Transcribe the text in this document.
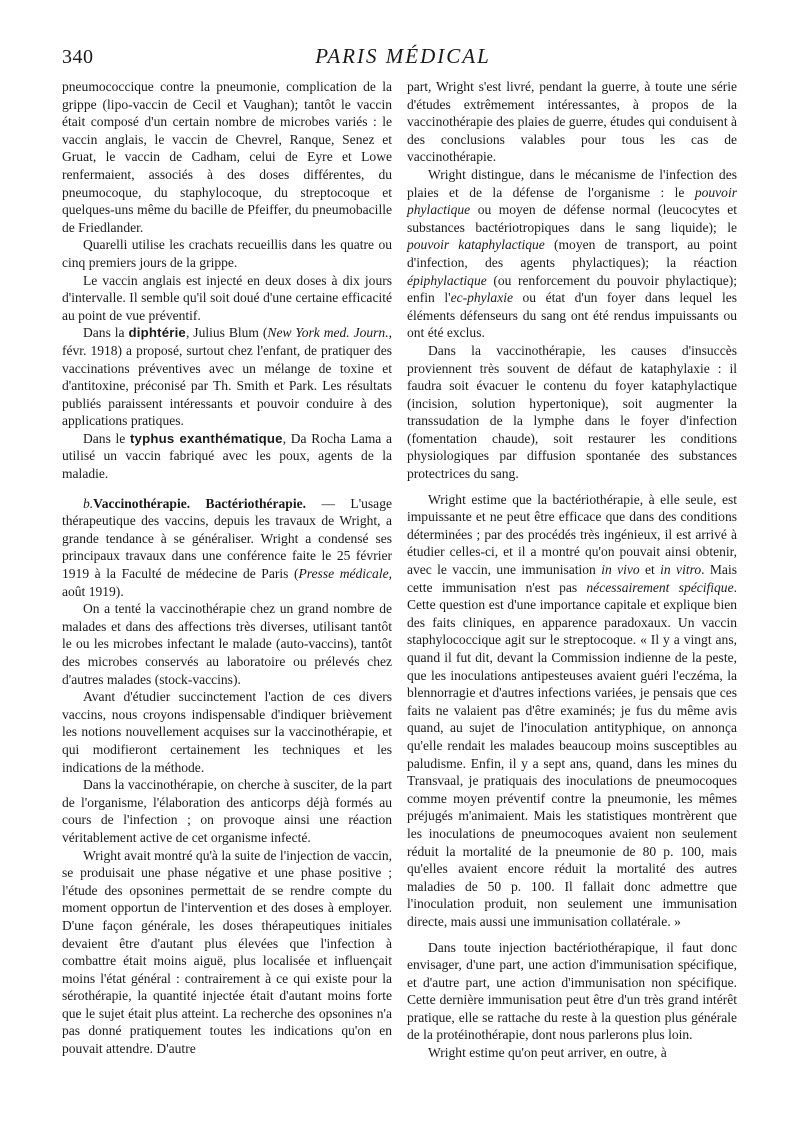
340	PARIS MÉDICAL

pneumococcique contre la pneumonie, complication de la grippe (lipo-vaccin de Cecil et Vaughan); tantôt le vaccin était composé d'un certain nombre de microbes variés : le vaccin anglais, le vaccin de Chevrel, Ranque, Senez et Gruat, le vaccin de Cadham, celui de Eyre et Lowe renfermaient, associés à des doses différentes, du pneumocoque, du staphylocoque, du streptocoque et quelques-uns même du bacille de Pfeiffer, du pneumobacille de Friedlander.

Quarelli utilise les crachats recueillis dans les quatre ou cinq premiers jours de la grippe.

Le vaccin anglais est injecté en deux doses à dix jours d'intervalle. Il semble qu'il soit doué d'une certaine efficacité au point de vue préventif.

Dans la diphtérie, Julius Blum (New York med. Journ., févr. 1918) a proposé, surtout chez l'enfant, de pratiquer des vaccinations préventives avec un mélange de toxine et d'antitoxine, préconisé par Th. Smith et Park. Les résultats publiés paraissent intéressants et pouvoir conduire à des applications pratiques.

Dans le typhus exanthématique, Da Rocha Lama a utilisé un vaccin fabriqué avec les poux, agents de la maladie.

b.Vaccinothérapie. Bactériothérapie. — L'usage thérapeutique des vaccins, depuis les travaux de Wright, a grande tendance à se généraliser. Wright a condensé ses principaux travaux dans une conférence faite le 25 février 1919 à la Faculté de médecine de Paris (Presse médicale, août 1919).

On a tenté la vaccinothérapie chez un grand nombre de malades et dans des affections très diverses, utilisant tantôt le ou les microbes infectant le malade (auto-vaccins), tantôt des microbes conservés au laboratoire ou prélevés chez d'autres malades (stock-vaccins).

Avant d'étudier succinctement l'action de ces divers vaccins, nous croyons indispensable d'indiquer brièvement les notions nouvellement acquises sur la vaccinothérapie, et qui modifieront certainement les techniques et les indications de la méthode.

Dans la vaccinothérapie, on cherche à susciter, de la part de l'organisme, l'élaboration des anticorps déjà formés au cours de l'infection ; on provoque ainsi une réaction véritablement active de cet organisme infecté.

Wright avait montré qu'à la suite de l'injection de vaccin, se produisait une phase négative et une phase positive ; l'étude des opsonines permettait de se rendre compte du moment opportun de l'intervention et des doses à employer. D'une façon générale, les doses thérapeutiques initiales devaient être d'autant plus élevées que l'infection à combattre était moins aiguë, plus localisée et influençait moins l'état général : contrairement à ce qui existe pour la sérothérapie, la quantité injectée était d'autant moins forte que le sujet était plus atteint. La recherche des opsonines n'a pas donné pratiquement toutes les indications qu'on en pouvait attendre. D'autre

part, Wright s'est livré, pendant la guerre, à toute une série d'études extrêmement intéressantes, à propos de la vaccinothérapie des plaies de guerre, études qui conduisent à des conclusions valables pour tous les cas de vaccinothérapie.

Wright distingue, dans le mécanisme de l'infection des plaies et de la défense de l'organisme : le pouvoir phylactique ou moyen de défense normal (leucocytes et substances bactériotropiques dans le sang liquide); le pouvoir kataphylactique (moyen de transport, au point d'infection, des agents phylactiques); la réaction épiphylactique (ou renforcement du pouvoir phylactique); enfin l'ec-phylaxie ou état d'un foyer dans lequel les éléments défenseurs du sang ont été rendus impuissants ou ont été exclus.

Dans la vaccinothérapie, les causes d'insuccès proviennent très souvent de défaut de kataphylaxie : il faudra soit évacuer le contenu du foyer kataphylactique (incision, solution hypertonique), soit augmenter la transsudation de la lymphe dans le foyer d'infection (fomentation chaude), soit restaurer les conditions physiologiques par diffusion spontanée des substances protectrices du sang.

Wright estime que la bactériothérapie, à elle seule, est impuissante et ne peut être efficace que dans des conditions déterminées ; par des procédés très ingénieux, il est arrivé à étudier celles-ci, et il a montré qu'on pouvait ainsi obtenir, avec le vaccin, une immunisation in vivo et in vitro. Mais cette immunisation n'est pas nécessairement spécifique. Cette question est d'une importance capitale et explique bien des faits cliniques, en apparence paradoxaux. Un vaccin staphylococcique agit sur le streptocoque. « Il y a vingt ans, quand il fut dit, devant la Commission indienne de la peste, que les inoculations antipesteuses avaient guéri l'eczéma, la blennorragie et d'autres infections variées, je pensais que ces faits ne valaient pas d'être examinés; je fus du même avis quand, au sujet de l'inoculation antityphique, on annonça qu'elle rendait les malades beaucoup moins susceptibles au paludisme. Enfin, il y a sept ans, quand, dans les mines du Transvaal, je pratiquais des inoculations de pneumocoques comme moyen préventif contre la pneumonie, les mêmes préjugés m'animaient. Mais les statistiques montrèrent que les inoculations de pneumocoques avaient non seulement réduit la mortalité de la pneumonie de 80 p. 100, mais qu'elles avaient encore réduit la mortalité des autres maladies de 50 p. 100. Il fallait donc admettre que l'inoculation produit, non seulement une immunisation directe, mais aussi une immunisation collatérale. »

Dans toute injection bactériothérapique, il faut donc envisager, d'une part, une action d'immunisation spécifique, et d'autre part, une action d'immunisation non spécifique. Cette dernière immunisation peut être d'un très grand intérêt pratique, elle se rattache du reste à la question plus générale de la protéinothérapie, dont nous parlerons plus loin.

Wright estime qu'on peut arriver, en outre, à
